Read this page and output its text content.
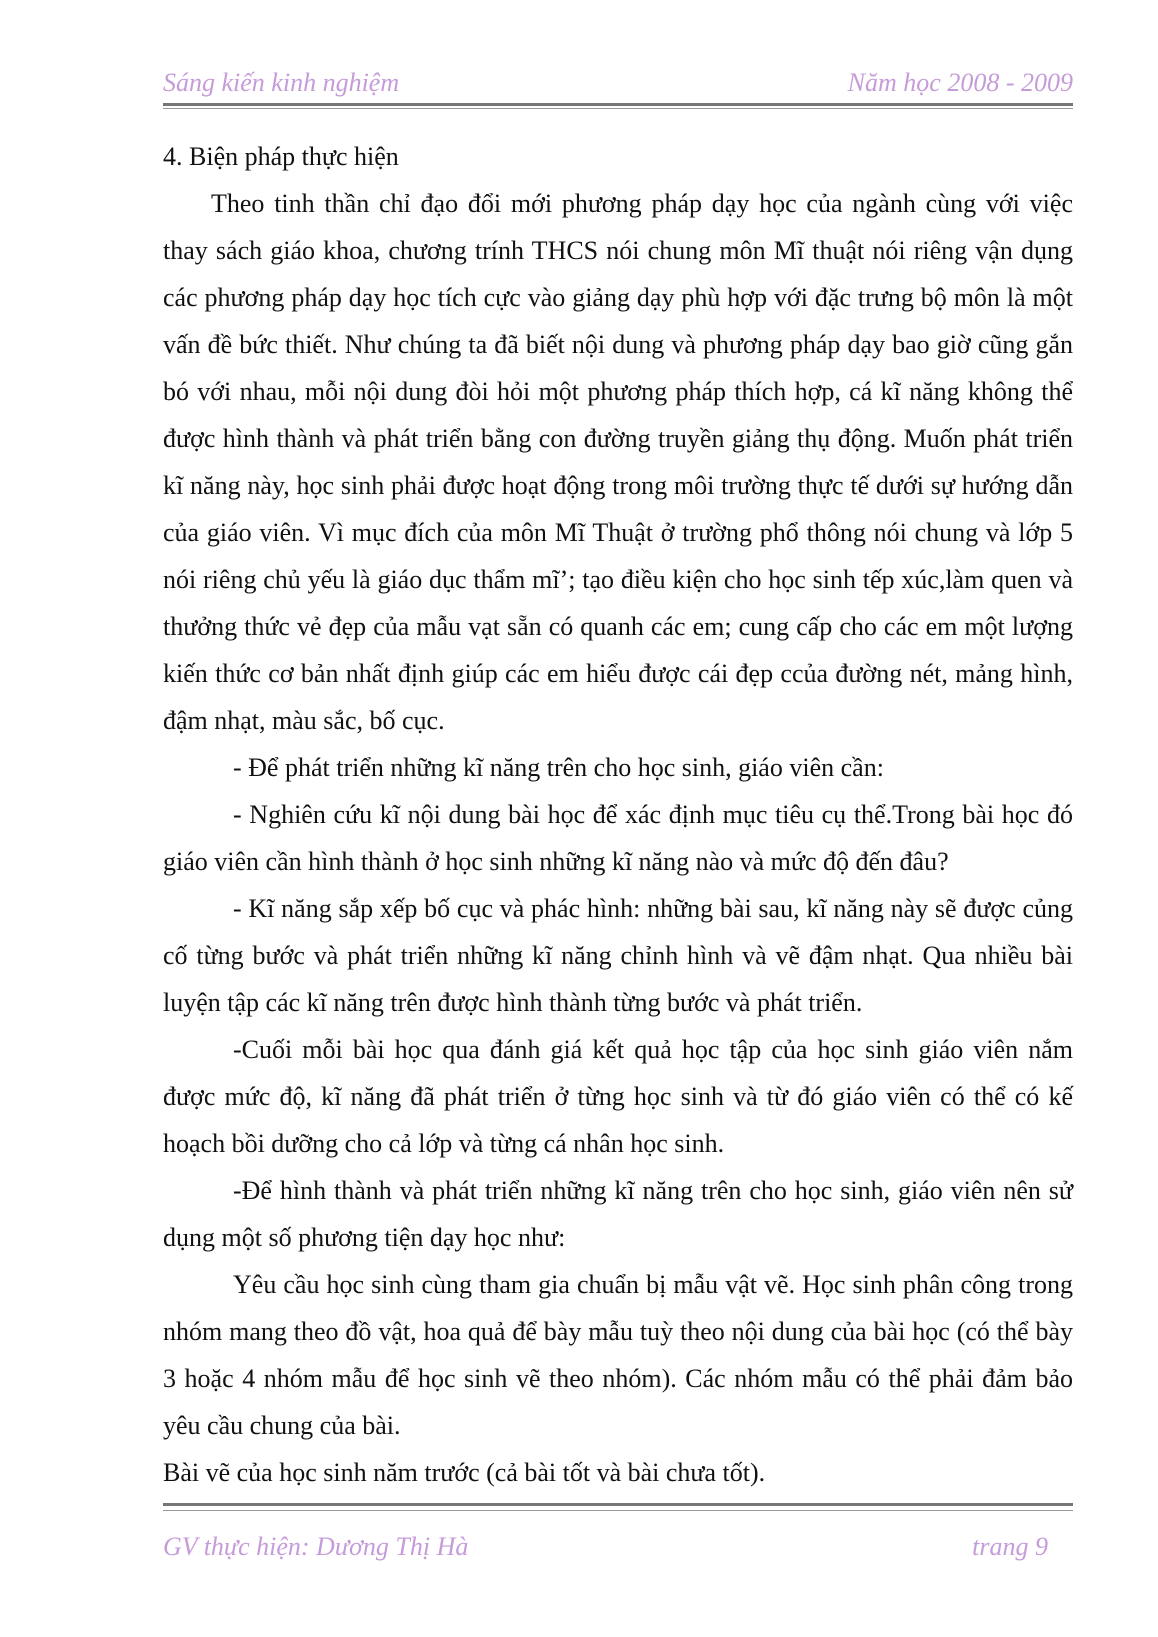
Sáng kiến kinh nghiệm	Năm học 2008 - 2009

4. Biện pháp thực hiện

Theo tinh thần chỉ đạo đổi mới phương pháp dạy học của ngành cùng với việc thay sách giáo khoa, chương trính THCS nói chung môn Mĩ thuật nói riêng vận dụng các phương pháp dạy học tích cực vào giảng dạy phù hợp với đặc trưng bộ môn là một vấn đề bức thiết. Như chúng ta đã biết nội dung và phương pháp dạy bao giờ cũng gắn bó với nhau, mỗi nội dung đòi hỏi một phương pháp thích hợp, cá kĩ năng không thể được hình thành và phát triển bằng con đường truyền giảng thụ động. Muốn phát triển kĩ năng này, học sinh phải được hoạt động trong môi trường thực tế dưới sự hướng dẫn của giáo viên. Vì mục đích của môn Mĩ Thuật ở trường phổ thông nói chung và lớp 5 nói riêng chủ yếu là giáo dục thẩm mĩ’; tạo điều kiện cho học sinh tếp xúc,làm quen và thưởng thức vẻ đẹp của mẫu vạt sẵn có quanh các em; cung cấp cho các em một lượng kiến thức cơ bản nhất định giúp các em hiểu được cái đẹp ccủa đường nét, mảng hình, đậm nhạt, màu sắc, bố cục.

- Để phát triển những kĩ năng trên cho học sinh, giáo viên cần:

- Nghiên cứu kĩ nội dung bài học để xác định mục tiêu cụ thể.Trong bài học đó giáo viên cần hình thành ở học sinh những kĩ năng nào và mức độ đến đâu?

- Kĩ năng sắp xếp bố cục và phác hình: những bài sau, kĩ năng này sẽ được củng cố từng bước và phát triển những kĩ năng chỉnh hình và vẽ đậm nhạt. Qua nhiều bài luyện tập các kĩ năng trên được hình thành từng bước và phát triển.

-Cuối mỗi bài học qua đánh giá kết quả học tập của học sinh giáo viên nắm được mức độ, kĩ năng đã phát triển ở từng học sinh và từ đó giáo viên có thể có kế hoạch bồi dưỡng cho cả lớp và từng cá nhân học sinh.

-Để hình thành và phát triển những kĩ năng trên cho học sinh, giáo viên nên sử dụng một số phương tiện dạy học như:

Yêu cầu học sinh cùng tham gia chuẩn bị mẫu vật vẽ. Học sinh phân công trong nhóm mang theo đồ vật, hoa quả để bày mẫu tuỳ theo nội dung của bài học (có thể bày 3 hoặc 4 nhóm mẫu để học sinh vẽ theo nhóm). Các nhóm mẫu có thể phải đảm bảo yêu cầu chung của bài.

Bài vẽ của học sinh năm trước (cả bài tốt và bài chưa tốt).

GV thực hiện: Dương Thị Hà	trang 9
